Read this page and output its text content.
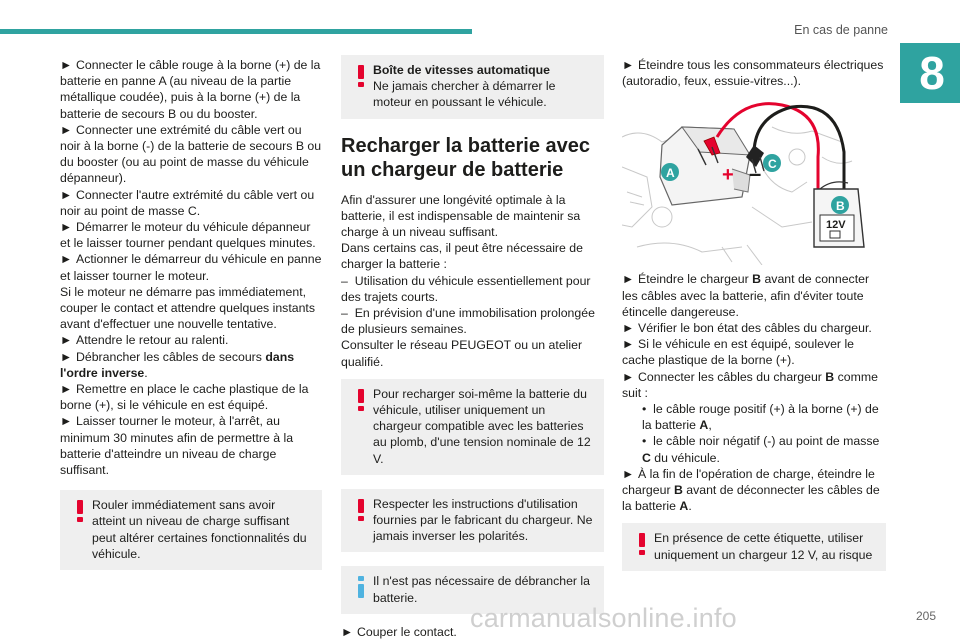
En cas de panne
8

► Connecter le câble rouge à la borne (+) de la batterie en panne A (au niveau de la partie métallique coudée), puis à la borne (+) de la batterie de secours B ou du booster.

► Connecter une extrémité du câble vert ou noir à la borne (-) de la batterie de secours B ou du booster (ou au point de masse du véhicule dépanneur).

► Connecter l'autre extrémité du câble vert ou noir au point de masse C.

► Démarrer le moteur du véhicule dépanneur et le laisser tourner pendant quelques minutes.

► Actionner le démarreur du véhicule en panne et laisser tourner le moteur.

Si le moteur ne démarre pas immédiatement, couper le contact et attendre quelques instants avant d'effectuer une nouvelle tentative.

► Attendre le retour au ralenti.

► Débrancher les câbles de secours dans l'ordre inverse.

► Remettre en place le cache plastique de la borne (+), si le véhicule en est équipé.

► Laisser tourner le moteur, à l'arrêt, au minimum 30 minutes afin de permettre à la batterie d'atteindre un niveau de charge suffisant.

Rouler immédiatement sans avoir atteint un niveau de charge suffisant peut altérer certaines fonctionnalités du véhicule.
Boîte de vitesses automatique
Ne jamais chercher à démarrer le moteur en poussant le véhicule.
Recharger la batterie avec un chargeur de batterie

Afin d'assurer une longévité optimale à la batterie, il est indispensable de maintenir sa charge à un niveau suffisant.

Dans certains cas, il peut être nécessaire de charger la batterie :

–  Utilisation du véhicule essentiellement pour des trajets courts.

–  En prévision d'une immobilisation prolongée de plusieurs semaines.

Consulter le réseau PEUGEOT ou un atelier qualifié.

Pour recharger soi-même la batterie du véhicule, utiliser uniquement un chargeur compatible avec les batteries au plomb, d'une tension nominale de 12 V.
Respecter les instructions d'utilisation fournies par le fabricant du chargeur. Ne jamais inverser les polarités.
Il n'est pas nécessaire de débrancher la batterie.

► Couper le contact.

► Éteindre tous les consommateurs électriques (autoradio, feux, essuie-vitres...).

+ –
A
C
12V
B

► Éteindre le chargeur B avant de connecter les câbles avec la batterie, afin d'éviter toute étincelle dangereuse.

► Vérifier le bon état des câbles du chargeur.

► Si le véhicule en est équipé, soulever le cache plastique de la borne (+).

► Connecter les câbles du chargeur B comme suit :

•  le câble rouge positif (+) à la borne (+) de la batterie A,

•  le câble noir négatif (-) au point de masse C du véhicule.

► À la fin de l'opération de charge, éteindre le chargeur B avant de déconnecter les câbles de la batterie A.

En présence de cette étiquette, utiliser uniquement un chargeur 12 V, au risque
carmanualsonline.info	205
